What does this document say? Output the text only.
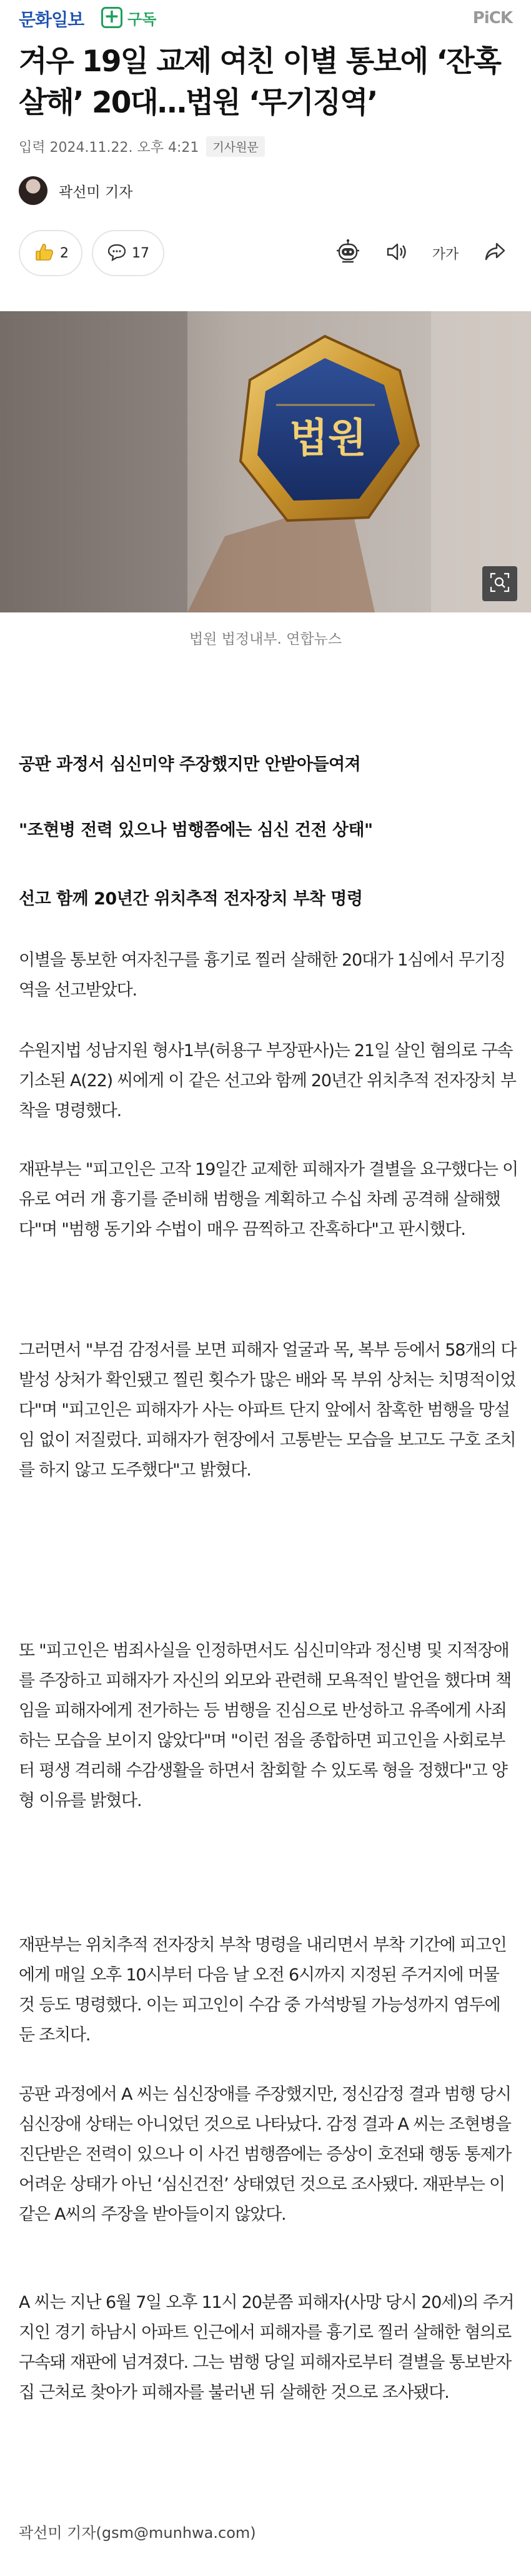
문화일보 + 구독	PiCK
겨우 19일 교제 여친 이별 통보에 ‘잔혹 살해’ 20대…법원 ‘무기징역’
입력 2024.11.22. 오후 4:21	기사원문
곽선미 기자
2	17	가가
법원
법원 법정내부. 연합뉴스
공판 과정서 심신미약 주장했지만 안받아들여져
"조현병 전력 있으나 범행쯤에는 심신 건전 상태"
선고 함께 20년간 위치추적 전자장치 부착 명령

이별을 통보한 여자친구를 흉기로 찔러 살해한 20대가 1심에서 무기징역을 선고받았다.

수원지법 성남지원 형사1부(허용구 부장판사)는 21일 살인 혐의로 구속 기소된 A(22) 씨에게 이 같은 선고와 함께 20년간 위치추적 전자장치 부착을 명령했다.

재판부는 "피고인은 고작 19일간 교제한 피해자가 결별을 요구했다는 이유로 여러 개 흉기를 준비해 범행을 계획하고 수십 차례 공격해 살해했다"며 "범행 동기와 수법이 매우 끔찍하고 잔혹하다"고 판시했다.

그러면서 "부검 감정서를 보면 피해자 얼굴과 목, 복부 등에서 58개의 다발성 상처가 확인됐고 찔린 횟수가 많은 배와 목 부위 상처는 치명적이었다"며 "피고인은 피해자가 사는 아파트 단지 앞에서 참혹한 범행을 망설임 없이 저질렀다. 피해자가 현장에서 고통받는 모습을 보고도 구호 조치를 하지 않고 도주했다"고 밝혔다.

또 "피고인은 범죄사실을 인정하면서도 심신미약과 정신병 및 지적장애를 주장하고 피해자가 자신의 외모와 관련해 모욕적인 발언을 했다며 책임을 피해자에게 전가하는 등 범행을 진심으로 반성하고 유족에게 사죄하는 모습을 보이지 않았다"며 "이런 점을 종합하면 피고인을 사회로부터 평생 격리해 수감생활을 하면서 참회할 수 있도록 형을 정했다"고 양형 이유를 밝혔다.

재판부는 위치추적 전자장치 부착 명령을 내리면서 부착 기간에 피고인에게 매일 오후 10시부터 다음 날 오전 6시까지 지정된 주거지에 머물 것 등도 명령했다. 이는 피고인이 수감 중 가석방될 가능성까지 염두에 둔 조치다.

공판 과정에서 A 씨는 심신장애를 주장했지만, 정신감정 결과 범행 당시 심신장애 상태는 아니었던 것으로 나타났다. 감정 결과 A 씨는 조현병을 진단받은 전력이 있으나 이 사건 범행쯤에는 증상이 호전돼 행동 통제가 어려운 상태가 아닌 ‘심신건전’ 상태였던 것으로 조사됐다. 재판부는 이 같은 A씨의 주장을 받아들이지 않았다.

A 씨는 지난 6월 7일 오후 11시 20분쯤 피해자(사망 당시 20세)의 주거지인 경기 하남시 아파트 인근에서 피해자를 흉기로 찔러 살해한 혐의로 구속돼 재판에 넘겨졌다. 그는 범행 당일 피해자로부터 결별을 통보받자 집 근처로 찾아가 피해자를 불러낸 뒤 살해한 것으로 조사됐다.

곽선미 기자(gsm@munhwa.com)
